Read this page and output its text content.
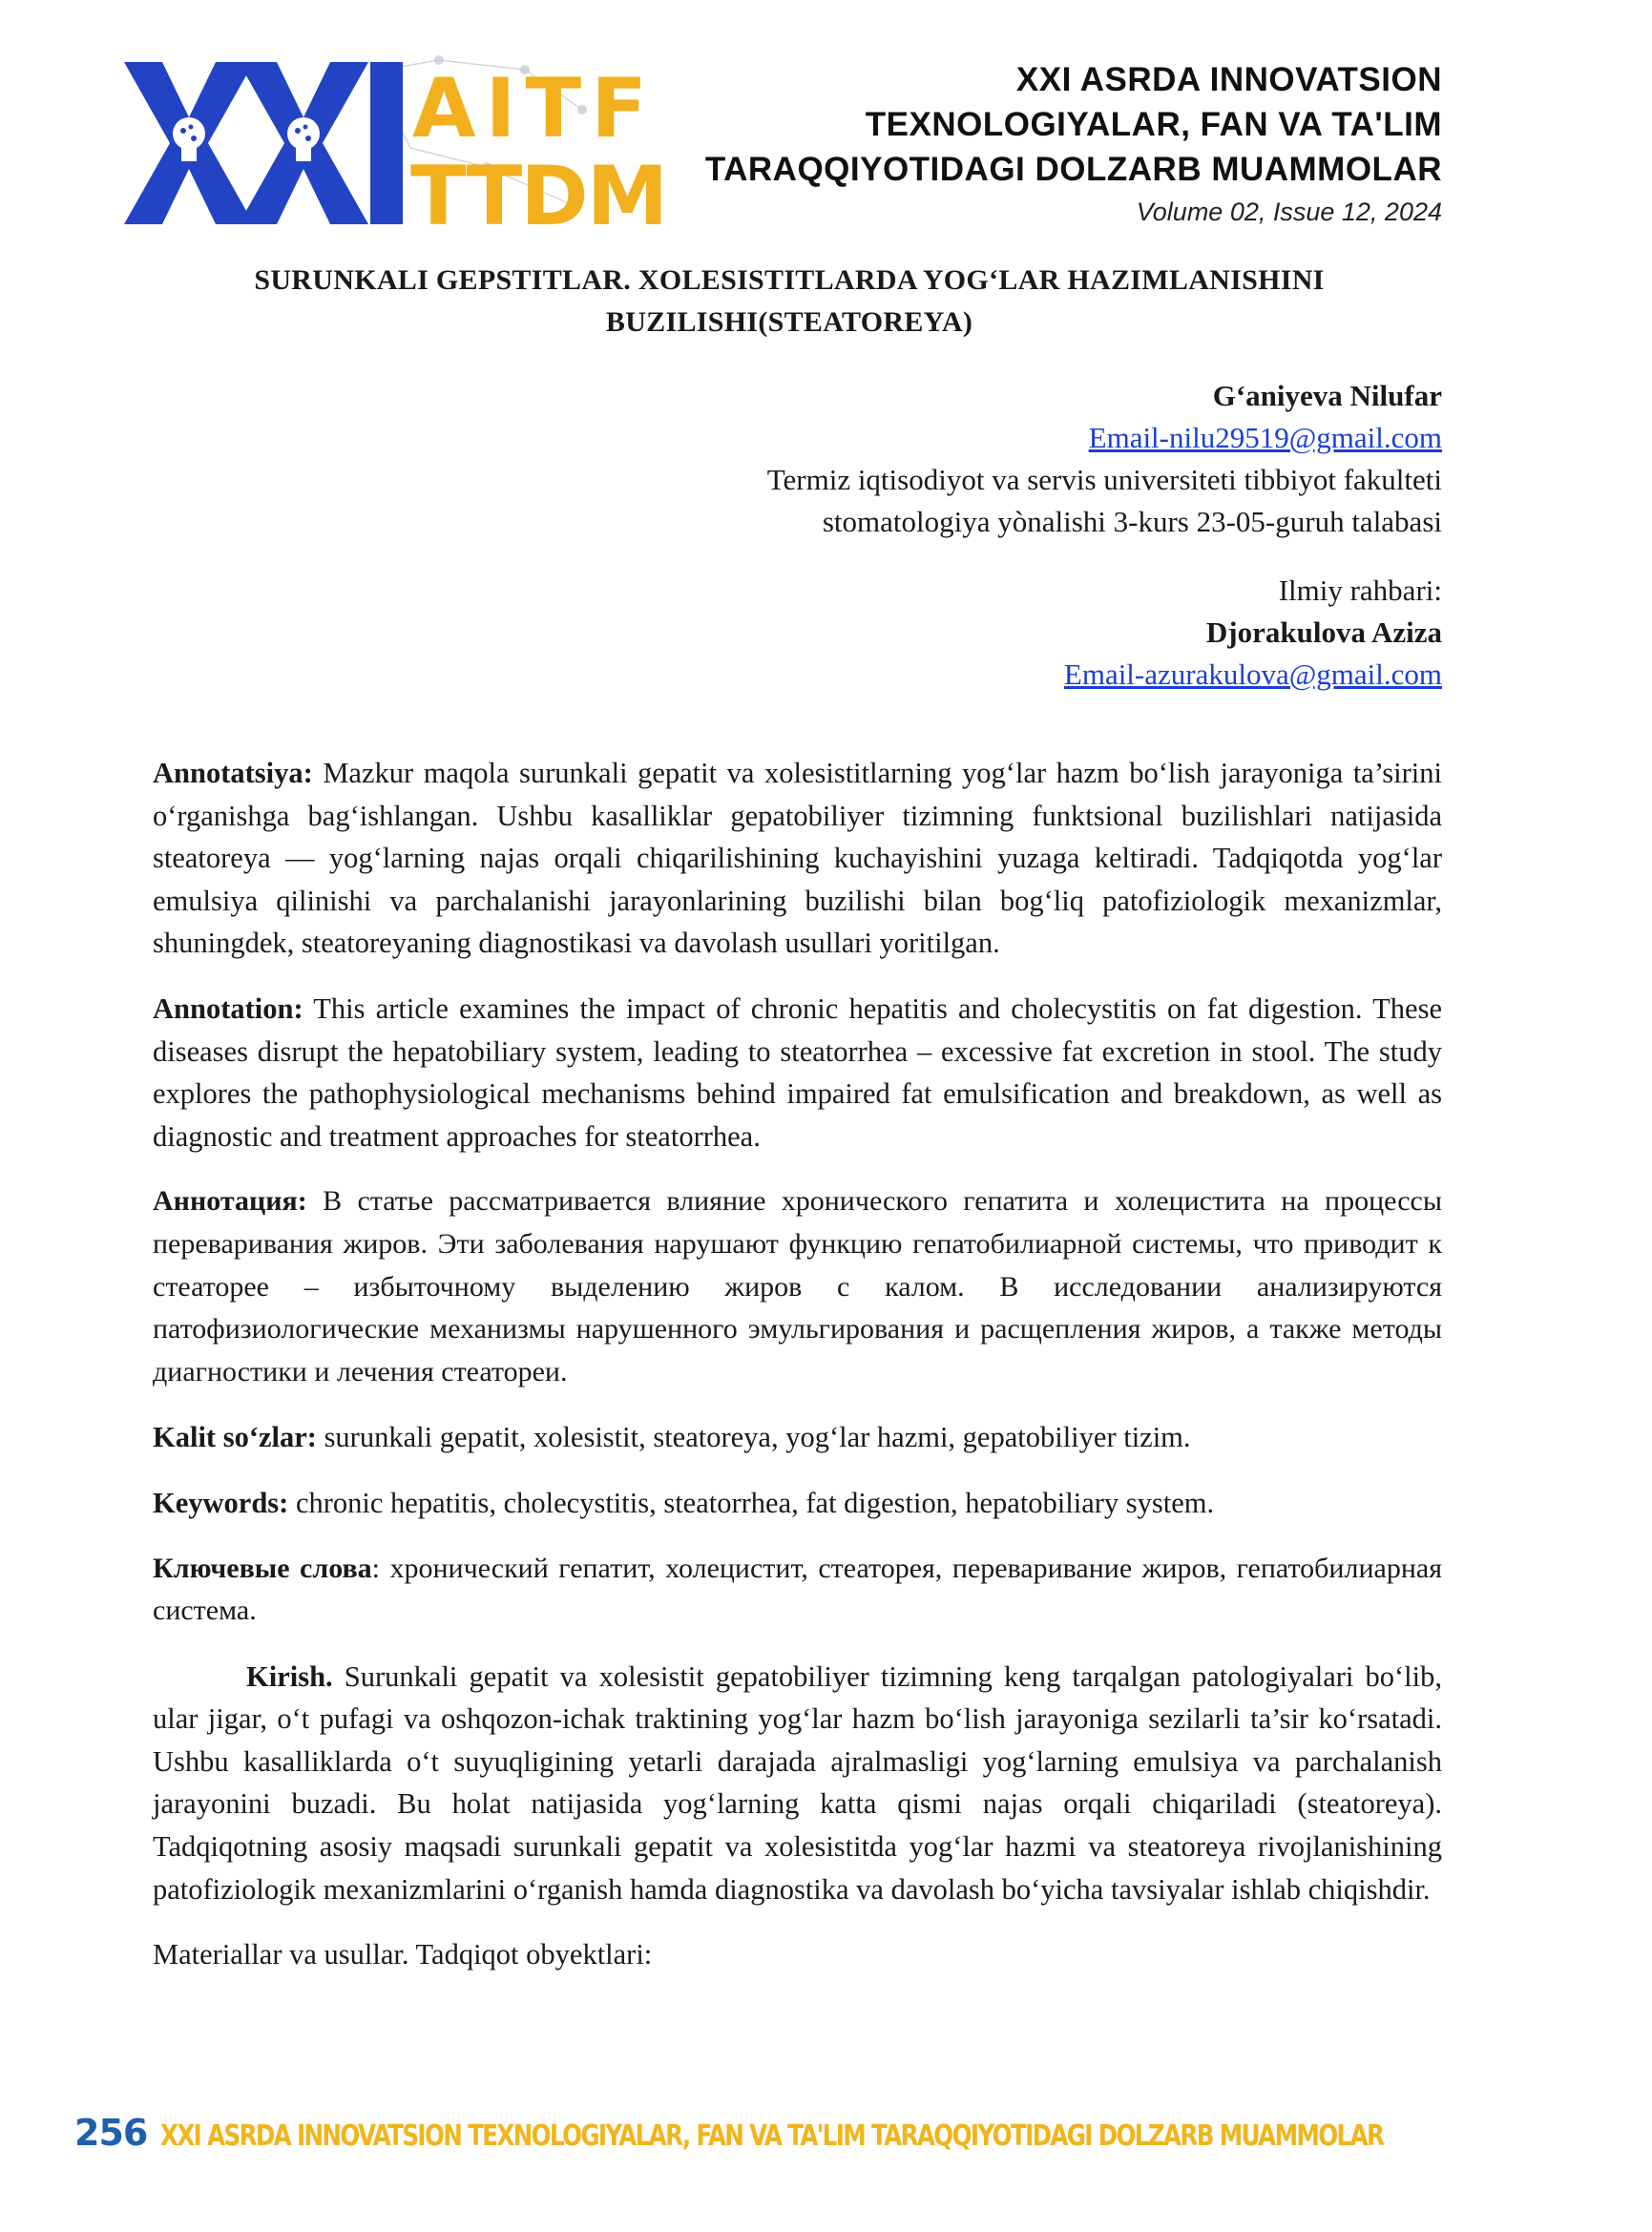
AITF
TTDM
XXI ASRDA INNOVATSION
TEXNOLOGIYALAR, FAN VA TA'LIM
TARAQQIYOTIDAGI DOLZARB MUAMMOLAR
Volume 02, Issue 12, 2024
SURUNKALI GEPSTITLAR. XOLESISTITLARDA YOG‘LAR HAZIMLANISHINI
BUZILISHI(STEATOREYA)
G‘aniyeva Nilufar
Email-nilu29519@gmail.com
Termiz iqtisodiyot va servis universiteti tibbiyot fakulteti
stomatologiya yònalishi 3-kurs 23-05-guruh talabasi
Ilmiy rahbari:
Djorakulova Aziza
Email-azurakulova@gmail.com

Annotatsiya: Mazkur maqola surunkali gepatit va xolesistitlarning yog‘lar hazm bo‘lish jarayoniga ta’sirini o‘rganishga bag‘ishlangan. Ushbu kasalliklar gepatobiliyer tizimning funktsional buzilishlari natijasida steatoreya — yog‘larning najas orqali chiqarilishining kuchayishini yuzaga keltiradi. Tadqiqotda yog‘lar emulsiya qilinishi va parchalanishi jarayonlarining buzilishi bilan bog‘liq patofiziologik mexanizmlar, shuningdek, steatoreyaning diagnostikasi va davolash usullari yoritilgan.

Annotation: This article examines the impact of chronic hepatitis and cholecystitis on fat digestion. These diseases disrupt the hepatobiliary system, leading to steatorrhea – excessive fat excretion in stool. The study explores the pathophysiological mechanisms behind impaired fat emulsification and breakdown, as well as diagnostic and treatment approaches for steatorrhea.

Аннотация: В статье рассматривается влияние хронического гепатита и холецистита на процессы переваривания жиров. Эти заболевания нарушают функцию гепатобилиарной системы, что приводит к стеаторее – избыточному выделению жиров с калом. В исследовании анализируются патофизиологические механизмы нарушенного эмульгирования и расщепления жиров, а также методы диагностики и лечения стеатореи.

Kalit so‘zlar: surunkali gepatit, xolesistit, steatoreya, yog‘lar hazmi, gepatobiliyer tizim.

Keywords: chronic hepatitis, cholecystitis, steatorrhea, fat digestion, hepatobiliary system.

Ключевые слова: хронический гепатит, холецистит, стеаторея, переваривание жиров, гепатобилиарная система.

Kirish. Surunkali gepatit va xolesistit gepatobiliyer tizimning keng tarqalgan patologiyalari bo‘lib, ular jigar, o‘t pufagi va oshqozon-ichak traktining yog‘lar hazm bo‘lish jarayoniga sezilarli ta’sir ko‘rsatadi. Ushbu kasalliklarda o‘t suyuqligining yetarli darajada ajralmasligi yog‘larning emulsiya va parchalanish jarayonini buzadi. Bu holat natijasida yog‘larning katta qismi najas orqali chiqariladi (steatoreya). Tadqiqotning asosiy maqsadi surunkali gepatit va xolesistitda yog‘lar hazmi va steatoreya rivojlanishining patofiziologik mexanizmlarini o‘rganish hamda diagnostika va davolash bo‘yicha tavsiyalar ishlab chiqishdir.

Materiallar va usullar. Tadqiqot obyektlari:

256 XXI ASRDA INNOVATSION TEXNOLOGIYALAR, FAN VA TA'LIM TARAQQIYOTIDAGI DOLZARB MUAMMOLAR
